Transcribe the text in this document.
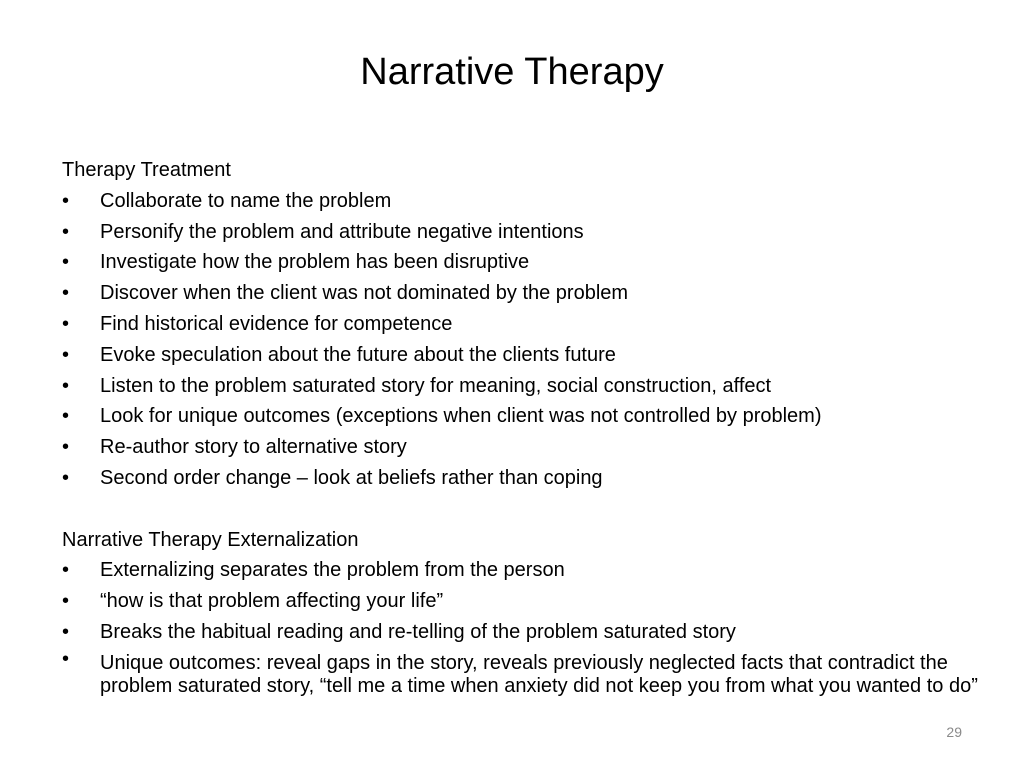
Narrative Therapy
Therapy Treatment
•	Collaborate to name the problem
•	Personify the problem and attribute negative intentions
•	Investigate how the problem has been disruptive
•	Discover when the client was not dominated by the problem
•	Find historical evidence for competence
•	Evoke speculation about the future about the clients future
•	Listen to the problem saturated story for meaning, social construction, affect
•	Look for unique outcomes (exceptions when client was not controlled by problem)
•	Re-author story to alternative story
•	Second order change – look at beliefs rather than coping
Narrative Therapy Externalization
•	Externalizing separates the problem from the person
•	“how is that problem affecting your life”
•	Breaks the habitual reading and re-telling of the problem saturated story
•	Unique outcomes: reveal gaps in the story, reveals previously neglected facts that contradict the problem saturated story, “tell me a time when anxiety did not keep you from what you wanted to do”
29
